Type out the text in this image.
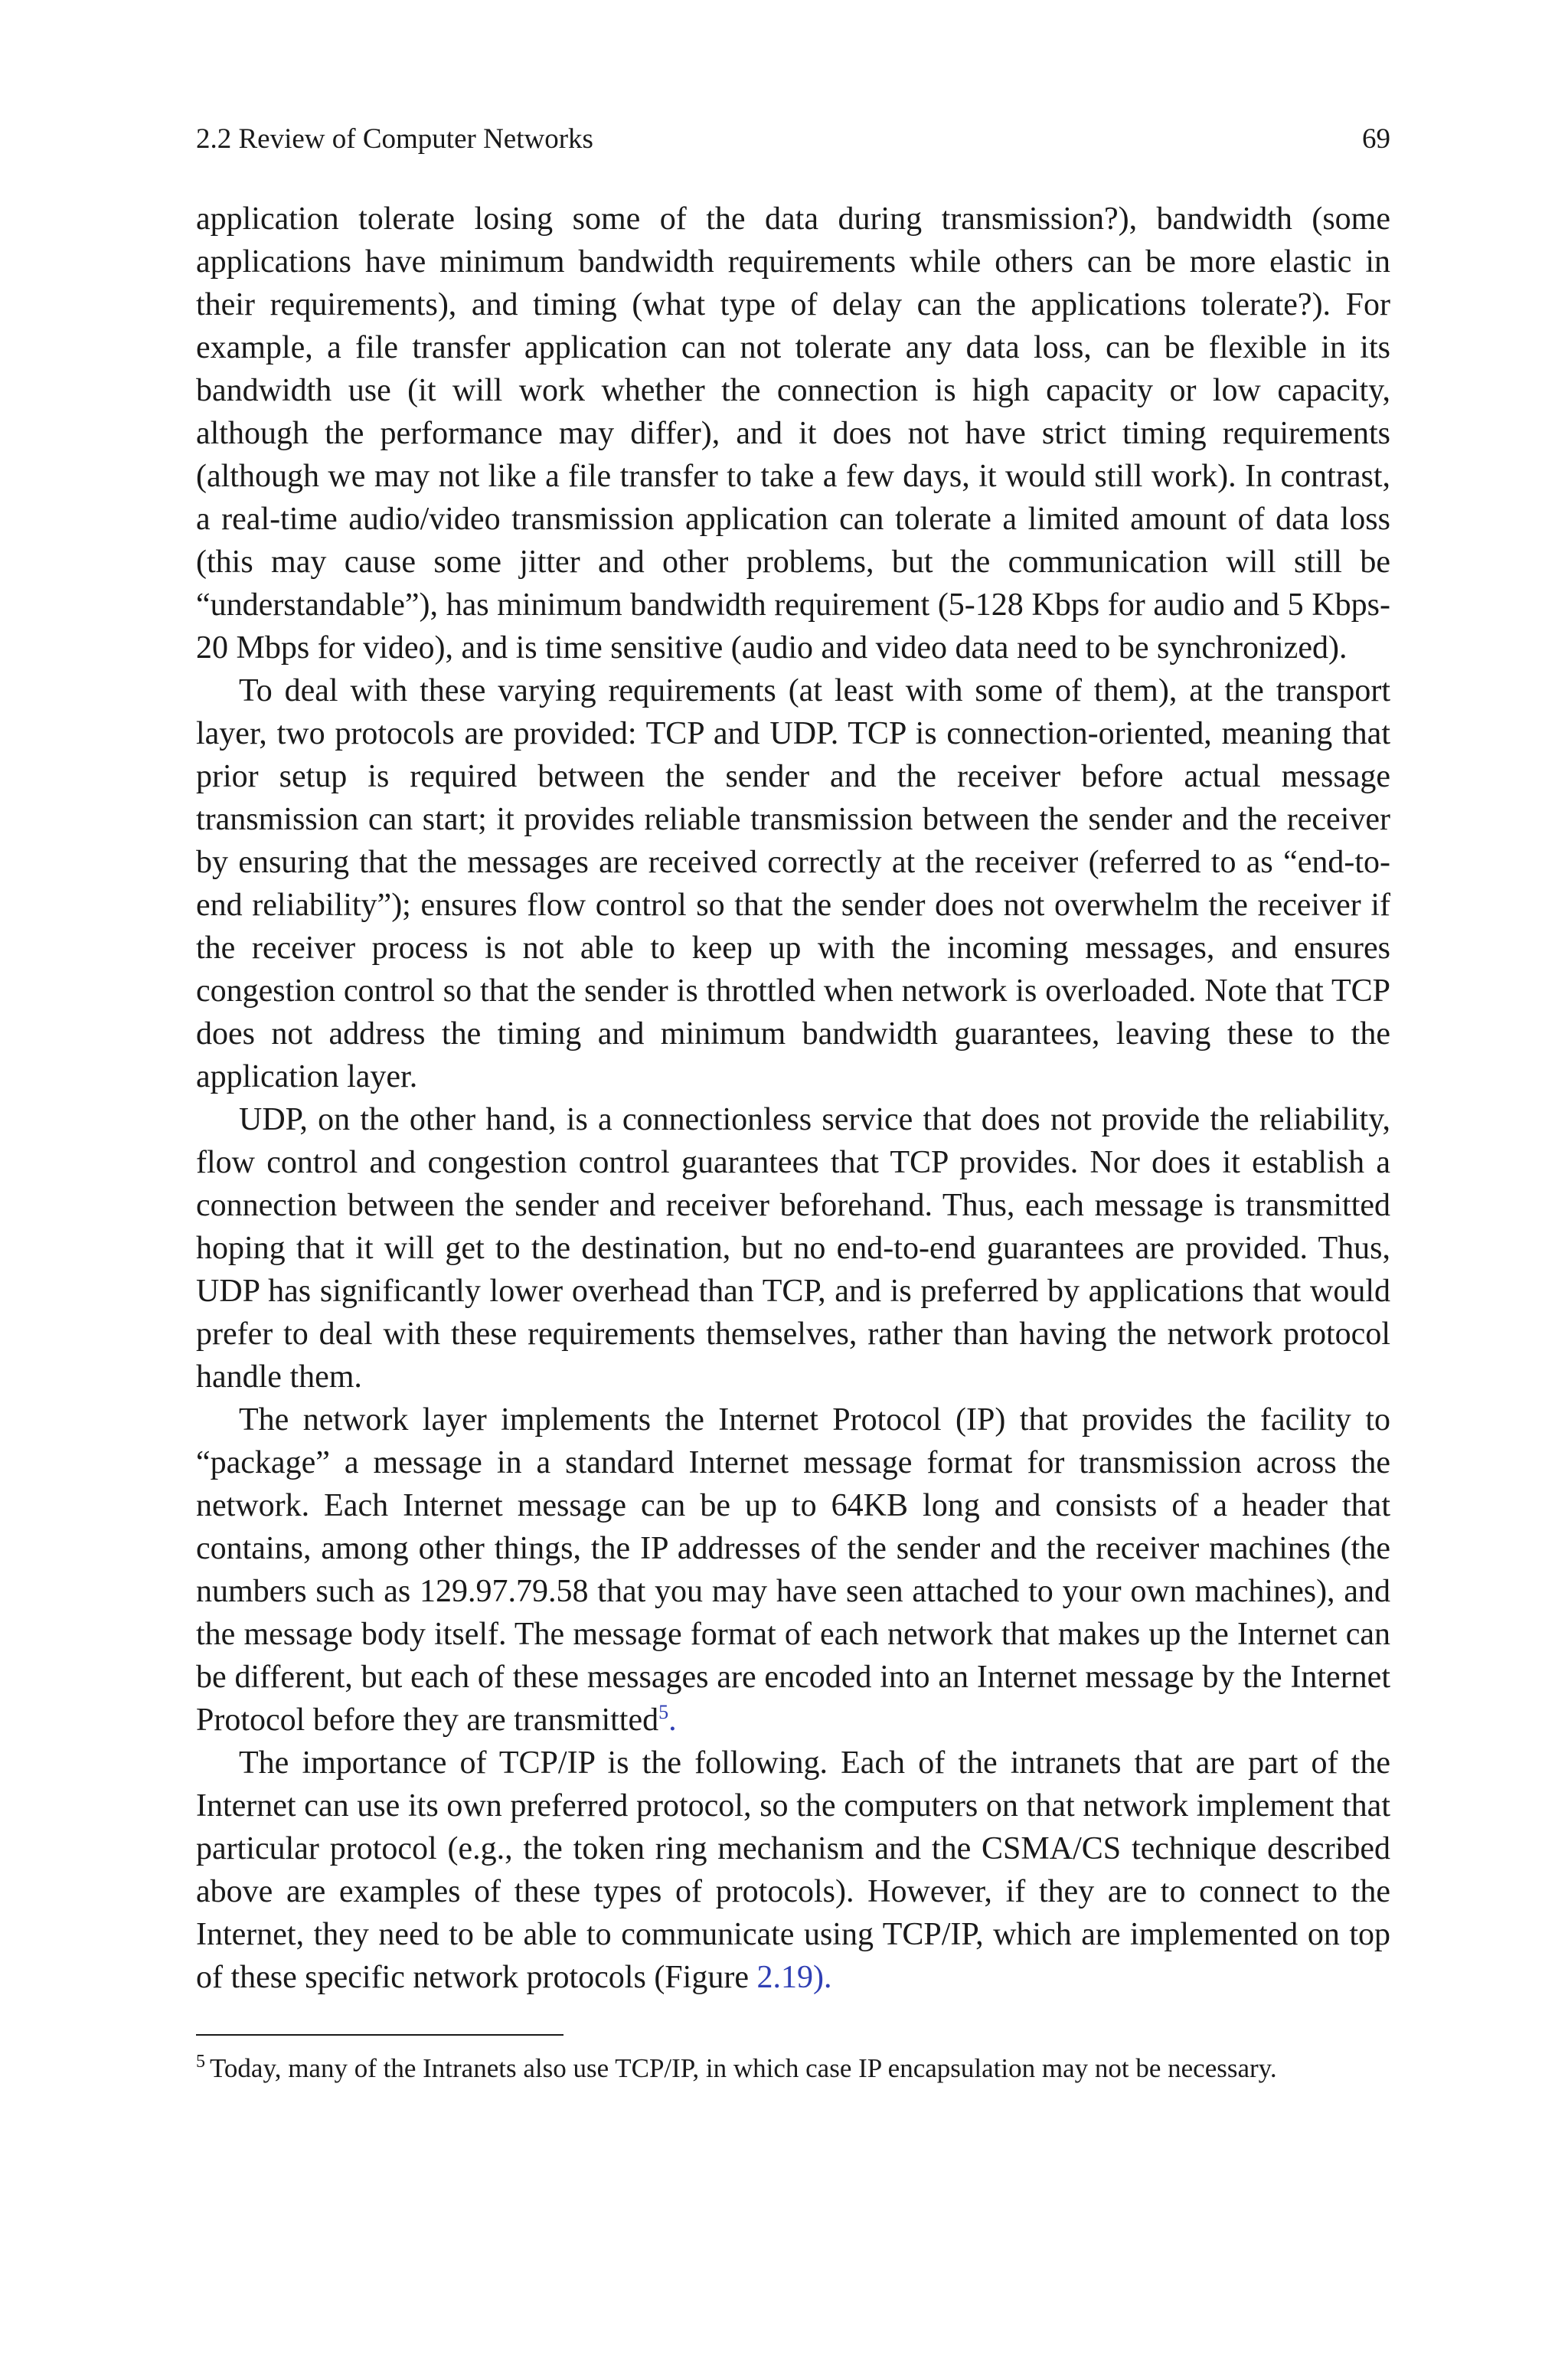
2.2 Review of Computer Networks	69

application tolerate losing some of the data during transmission?), bandwidth (some applications have minimum bandwidth requirements while others can be more elastic in their requirements), and timing (what type of delay can the applications tolerate?). For example, a file transfer application can not tolerate any data loss, can be flexible in its bandwidth use (it will work whether the connection is high capacity or low capacity, although the performance may differ), and it does not have strict timing requirements (although we may not like a file transfer to take a few days, it would still work). In contrast, a real-time audio/video transmission application can tolerate a limited amount of data loss (this may cause some jitter and other problems, but the communication will still be “understandable”), has minimum bandwidth requirement (5-128 Kbps for audio and 5 Kbps-20 Mbps for video), and is time sensitive (audio and video data need to be synchronized).

To deal with these varying requirements (at least with some of them), at the transport layer, two protocols are provided: TCP and UDP. TCP is connection-oriented, meaning that prior setup is required between the sender and the receiver before actual message transmission can start; it provides reliable transmission between the sender and the receiver by ensuring that the messages are received correctly at the receiver (referred to as “end-to-end reliability”); ensures flow control so that the sender does not overwhelm the receiver if the receiver process is not able to keep up with the incoming messages, and ensures congestion control so that the sender is throttled when network is overloaded. Note that TCP does not address the timing and minimum bandwidth guarantees, leaving these to the application layer.

UDP, on the other hand, is a connectionless service that does not provide the reliability, flow control and congestion control guarantees that TCP provides. Nor does it establish a connection between the sender and receiver beforehand. Thus, each message is transmitted hoping that it will get to the destination, but no end-to-end guarantees are provided. Thus, UDP has significantly lower overhead than TCP, and is preferred by applications that would prefer to deal with these requirements themselves, rather than having the network protocol handle them.

The network layer implements the Internet Protocol (IP) that provides the facility to “package” a message in a standard Internet message format for transmission across the network. Each Internet message can be up to 64KB long and consists of a header that contains, among other things, the IP addresses of the sender and the receiver machines (the numbers such as 129.97.79.58 that you may have seen attached to your own machines), and the message body itself. The message format of each network that makes up the Internet can be different, but each of these messages are encoded into an Internet message by the Internet Protocol before they are transmitted$^5$.

The importance of TCP/IP is the following. Each of the intranets that are part of the Internet can use its own preferred protocol, so the computers on that network implement that particular protocol (e.g., the token ring mechanism and the CSMA/CS technique described above are examples of these types of protocols). However, if they are to connect to the Internet, they need to be able to communicate using TCP/IP, which are implemented on top of these specific network protocols (Figure 2.19).

$^5$ Today, many of the Intranets also use TCP/IP, in which case IP encapsulation may not be necessary.
